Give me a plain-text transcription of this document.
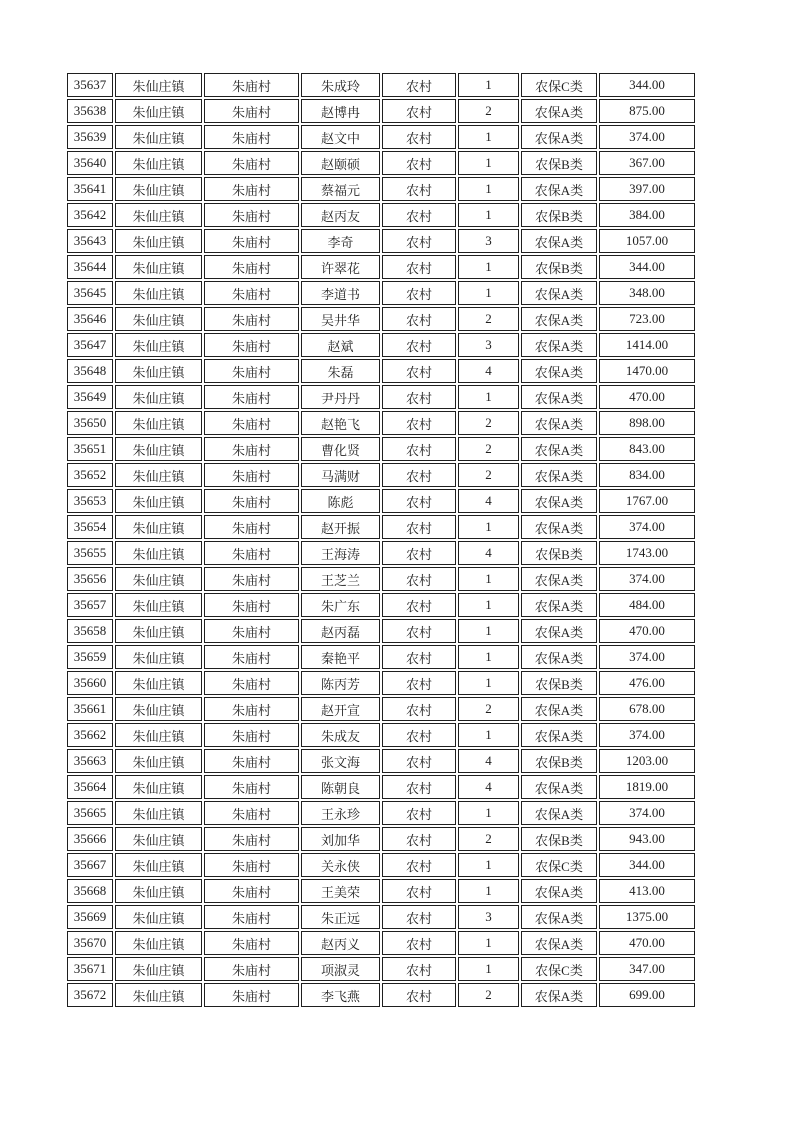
35637	朱仙庄镇	朱庙村	朱成玲	农村	1	农保C类	344.00
35638	朱仙庄镇	朱庙村	赵博冉	农村	2	农保A类	875.00
35639	朱仙庄镇	朱庙村	赵文中	农村	1	农保A类	374.00
35640	朱仙庄镇	朱庙村	赵颐硕	农村	1	农保B类	367.00
35641	朱仙庄镇	朱庙村	蔡福元	农村	1	农保A类	397.00
35642	朱仙庄镇	朱庙村	赵丙友	农村	1	农保B类	384.00
35643	朱仙庄镇	朱庙村	李奇	农村	3	农保A类	1057.00
35644	朱仙庄镇	朱庙村	许翠花	农村	1	农保B类	344.00
35645	朱仙庄镇	朱庙村	李道书	农村	1	农保A类	348.00
35646	朱仙庄镇	朱庙村	吴井华	农村	2	农保A类	723.00
35647	朱仙庄镇	朱庙村	赵斌	农村	3	农保A类	1414.00
35648	朱仙庄镇	朱庙村	朱磊	农村	4	农保A类	1470.00
35649	朱仙庄镇	朱庙村	尹丹丹	农村	1	农保A类	470.00
35650	朱仙庄镇	朱庙村	赵艳飞	农村	2	农保A类	898.00
35651	朱仙庄镇	朱庙村	曹化贤	农村	2	农保A类	843.00
35652	朱仙庄镇	朱庙村	马满财	农村	2	农保A类	834.00
35653	朱仙庄镇	朱庙村	陈彪	农村	4	农保A类	1767.00
35654	朱仙庄镇	朱庙村	赵开振	农村	1	农保A类	374.00
35655	朱仙庄镇	朱庙村	王海涛	农村	4	农保B类	1743.00
35656	朱仙庄镇	朱庙村	王芝兰	农村	1	农保A类	374.00
35657	朱仙庄镇	朱庙村	朱广东	农村	1	农保A类	484.00
35658	朱仙庄镇	朱庙村	赵丙磊	农村	1	农保A类	470.00
35659	朱仙庄镇	朱庙村	秦艳平	农村	1	农保A类	374.00
35660	朱仙庄镇	朱庙村	陈丙芳	农村	1	农保B类	476.00
35661	朱仙庄镇	朱庙村	赵开宣	农村	2	农保A类	678.00
35662	朱仙庄镇	朱庙村	朱成友	农村	1	农保A类	374.00
35663	朱仙庄镇	朱庙村	张文海	农村	4	农保B类	1203.00
35664	朱仙庄镇	朱庙村	陈朝良	农村	4	农保A类	1819.00
35665	朱仙庄镇	朱庙村	王永珍	农村	1	农保A类	374.00
35666	朱仙庄镇	朱庙村	刘加华	农村	2	农保B类	943.00
35667	朱仙庄镇	朱庙村	关永侠	农村	1	农保C类	344.00
35668	朱仙庄镇	朱庙村	王美荣	农村	1	农保A类	413.00
35669	朱仙庄镇	朱庙村	朱正远	农村	3	农保A类	1375.00
35670	朱仙庄镇	朱庙村	赵丙义	农村	1	农保A类	470.00
35671	朱仙庄镇	朱庙村	项淑灵	农村	1	农保C类	347.00
35672	朱仙庄镇	朱庙村	李飞燕	农村	2	农保A类	699.00
